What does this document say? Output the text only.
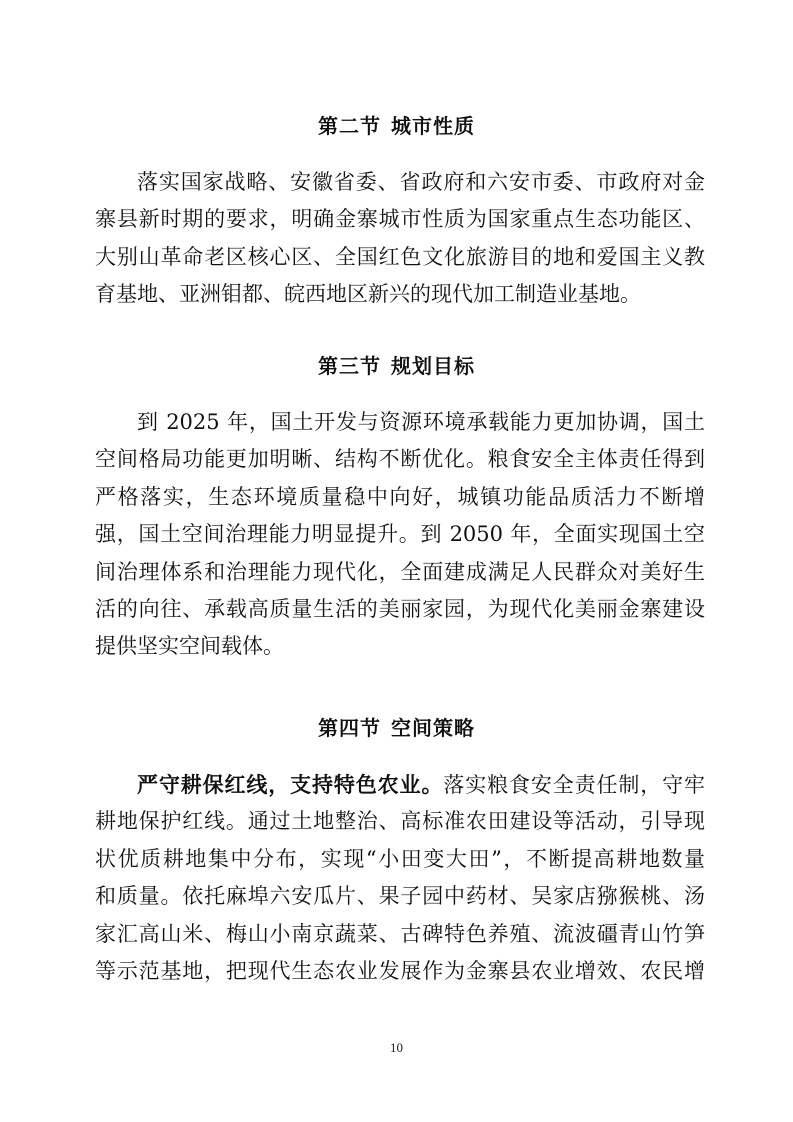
第二节 城市性质
落实国家战略、安徽省委、省政府和六安市委、市政府对金
寨县新时期的要求，明确金寨城市性质为国家重点生态功能区、
大别山革命老区核心区、全国红色文化旅游目的地和爱国主义教
育基地、亚洲钼都、皖西地区新兴的现代加工制造业基地。
第三节 规划目标
到 2025 年，国土开发与资源环境承载能力更加协调，国土
空间格局功能更加明晰、结构不断优化。粮食安全主体责任得到
严格落实，生态环境质量稳中向好，城镇功能品质活力不断增
强，国土空间治理能力明显提升。到 2050 年，全面实现国土空
间治理体系和治理能力现代化，全面建成满足人民群众对美好生
活的向往、承载高质量生活的美丽家园，为现代化美丽金寨建设
提供坚实空间载体。
第四节 空间策略
严守耕保红线，支持特色农业。落实粮食安全责任制，守牢
耕地保护红线。通过土地整治、高标准农田建设等活动，引导现
状优质耕地集中分布，实现“小田变大田”，不断提高耕地数量
和质量。依托麻埠六安瓜片、果子园中药材、吴家店猕猴桃、汤
家汇高山米、梅山小南京蔬菜、古碑特色养殖、流波礓青山竹笋
等示范基地，把现代生态农业发展作为金寨县农业增效、农民增
10
